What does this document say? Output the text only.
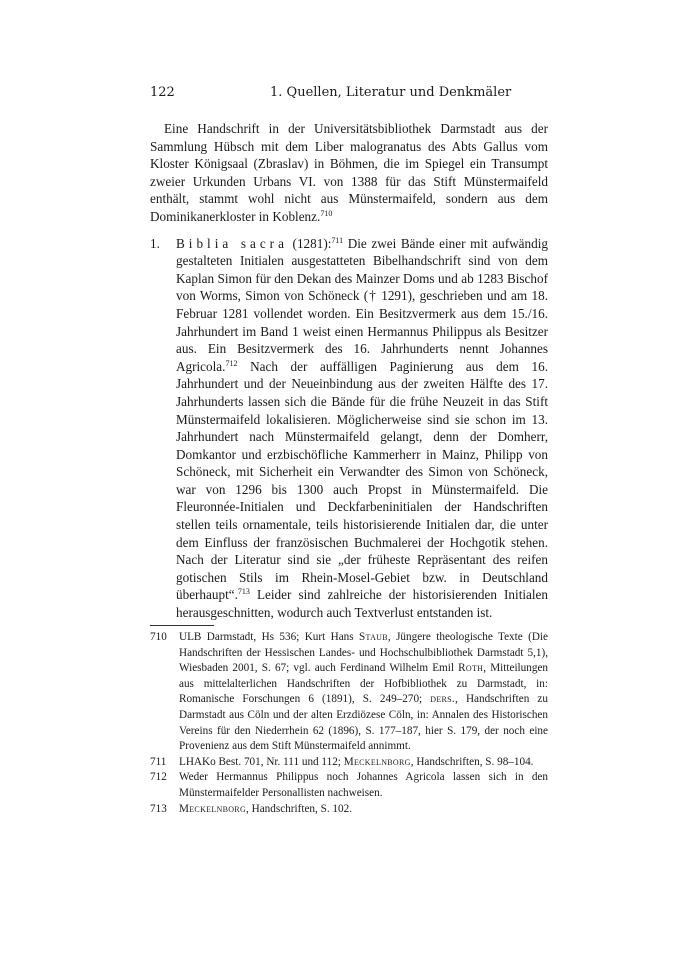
122	1. Quellen, Literatur und Denkmäler

Eine Handschrift in der Universitätsbibliothek Darmstadt aus der Sammlung Hübsch mit dem Liber malogranatus des Abts Gallus vom Kloster Königsaal (Zbraslav) in Böhmen, die im Spiegel ein Transumpt zweier Urkunden Urbans VI. von 1388 für das Stift Münstermaifeld enthält, stammt wohl nicht aus Münstermaifeld, sondern aus dem Dominikanerkloster in Koblenz.$^{710}$

1. Biblia sacra (1281):$^{711}$ Die zwei Bände einer mit aufwändig gestalteten Initialen ausgestatteten Bibelhandschrift sind von dem Kaplan Simon für den Dekan des Mainzer Doms und ab 1283 Bischof von Worms, Simon von Schöneck († 1291), geschrieben und am 18. Februar 1281 vollendet worden. Ein Besitzvermerk aus dem 15./16. Jahrhundert im Band 1 weist einen Hermannus Philippus als Besitzer aus. Ein Besitzvermerk des 16. Jahrhunderts nennt Johannes Agricola.$^{712}$ Nach der auffälligen Paginierung aus dem 16. Jahrhundert und der Neueinbindung aus der zweiten Hälfte des 17. Jahrhunderts lassen sich die Bände für die frühe Neuzeit in das Stift Münstermaifeld lokalisieren. Möglicherweise sind sie schon im 13. Jahrhundert nach Münstermaifeld gelangt, denn der Domherr, Domkantor und erzbischöfliche Kammerherr in Mainz, Philipp von Schöneck, mit Sicherheit ein Verwandter des Simon von Schöneck, war von 1296 bis 1300 auch Propst in Münstermaifeld. Die Fleuronnée-Initialen und Deckfarbeninitialen der Handschriften stellen teils ornamentale, teils historisierende Initialen dar, die unter dem Einfluss der französischen Buchmalerei der Hochgotik stehen. Nach der Literatur sind sie „der früheste Repräsentant des reifen gotischen Stils im Rhein-Mosel-Gebiet bzw. in Deutschland überhaupt“.$^{713}$ Leider sind zahlreiche der historisierenden Initialen herausgeschnitten, wodurch auch Textverlust entstanden ist.
710 ULB Darmstadt, Hs 536; Kurt Hans Staub, Jüngere theologische Texte (Die Handschriften der Hessischen Landes- und Hochschulbibliothek Darmstadt 5,1), Wiesbaden 2001, S. 67; vgl. auch Ferdinand Wilhelm Emil Roth, Mitteilungen aus mittelalterlichen Handschriften der Hofbibliothek zu Darmstadt, in: Romanische Forschungen 6 (1891), S. 249–270; ders., Handschriften zu Darmstadt aus Cöln und der alten Erzdiözese Cöln, in: Annalen des Historischen Vereins für den Niederrhein 62 (1896), S. 177–187, hier S. 179, der noch eine Provenienz aus dem Stift Münstermaifeld annimmt.
711 LHAKo Best. 701, Nr. 111 und 112; Meckelnborg, Handschriften, S. 98–104.
712 Weder Hermannus Philippus noch Johannes Agricola lassen sich in den Münstermaifelder Personallisten nachweisen.
713 Meckelnborg, Handschriften, S. 102.
